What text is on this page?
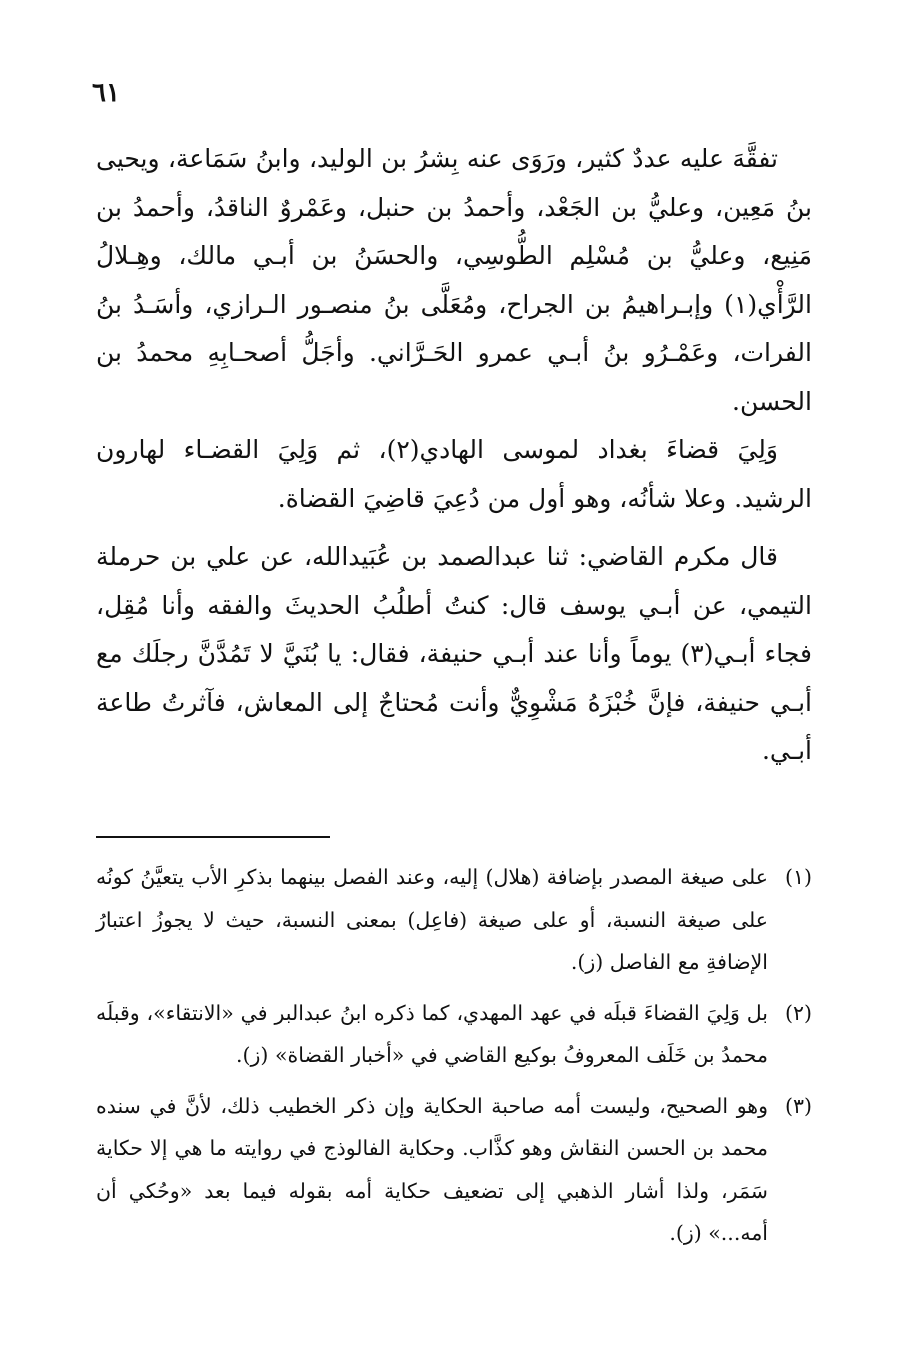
٦١

تفقَّهَ عليه عددٌ كثير، ورَوَى عنه بِشرُ بن الوليد، وابنُ سَمَاعة، ويحيى بنُ مَعِين، وعليُّ بن الجَعْد، وأحمدُ بن حنبل، وعَمْروٌ الناقدُ، وأحمدُ بن مَنِيع، وعليُّ بن مُسْلِم الطُّوسِي، والحسَنُ بن أبـي مالك، وهِـلالُ الرَّأْي(١) وإبـراهيمُ بن الجراح، ومُعَلَّى بنُ منصـور الـرازي، وأسَـدُ بنُ الفرات، وعَمْـرُو بنُ أبـي عمرو الحَـرَّاني. وأجَلُّ أصحـابِهِ محمدُ بن الحسن.

وَلِيَ قضاءَ بغداد لموسى الهادي(٢)، ثم وَلِيَ القضـاء لهارون الرشيد. وعلا شأنُه، وهو أول من دُعِيَ قاضِيَ القضاة.

قال مكرم القاضي: ثنا عبدالصمد بن عُبَيدالله، عن علي بن حرملة التيمي، عن أبـي يوسف قال: كنتُ أطلُبُ الحديثَ والفقه وأنا مُقِل، فجاء أبـي(٣) يوماً وأنا عند أبـي حنيفة، فقال: يا بُنَيَّ لا تَمُدَّنَّ رجلَك مع أبـي حنيفة، فإنَّ خُبْزَهُ مَشْوِيٌّ وأنت مُحتاجٌ إلى المعاش، فآثرتُ طاعة أبـي.

(١)
على صيغة المصدر بإضافة (هلال) إليه، وعند الفصل بينهما بذكرِ الأب يتعيَّنُ كونُه على صيغة النسبة، أو على صيغة (فاعِل) بمعنى النسبة، حيث لا يجوزُ اعتبارُ الإضافةِ مع الفاصل (ز).
(٢)
بل وَلِيَ القضاءَ قبلَه في عهد المهدي، كما ذكره ابنُ عبدالبر في «الانتقاء»، وقبلَه محمدُ بن خَلَف المعروفُ بوكيع القاضي في «أخبار القضاة» (ز).
(٣)
وهو الصحيح، وليست أمه صاحبة الحكاية وإن ذكر الخطيب ذلك، لأنَّ في سنده محمد بن الحسن النقاش وهو كذَّاب. وحكاية الفالوذج في روايته ما هي إلا حكاية سَمَر، ولذا أشار الذهبي إلى تضعيف حكاية أمه بقوله فيما بعد «وحُكي أن أمه...» (ز).
